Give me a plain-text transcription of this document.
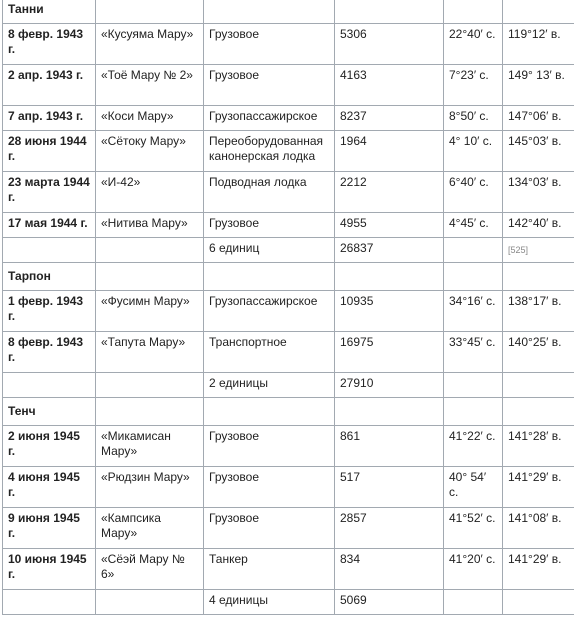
Танни					
8 февр. 1943 г.	«Кусуяма Мару»	Грузовое	5306	22°40′ с.	119°12′ в.
2 апр. 1943 г.	«Тоё Мару № 2»	Грузовое	4163	7°23′ с.	149° 13′ в.
7 апр. 1943 г.	«Коси Мару»	Грузопассажирское	8237	8°50′ с.	147°06′ в.
28 июня 1944 г.	«Сётоку Мару»	Переоборудованная канонерская лодка	1964	4° 10′ с.	145°03′ в.
23 марта 1944 г.	«И-42»	Подводная лодка	2212	6°40′ с.	134°03′ в.
17 мая 1944 г.	«Нитива Мару»	Грузовое	4955	4°45′ с.	142°40′ в.
		6 единиц	26837		[525]
Тарпон					
1 февр. 1943 г.	«Фусимн Мару»	Грузопассажирское	10935	34°16′ с.	138°17′ в.
8 февр. 1943 г.	«Тапута Мару»	Транспортное	16975	33°45′ с.	140°25′ в.
		2 единицы	27910		
Тенч					
2 июня 1945 г.	«Микамисан Мару»	Грузовое	861	41°22′ с.	141°28′ в.
4 июня 1945 г.	«Рюдзин Мару»	Грузовое	517	40° 54′ с.	141°29′ в.
9 июня 1945 г.	«Кампсика Мару»	Грузовое	2857	41°52′ с.	141°08′ в.
10 июня 1945 г.	«Сёэй Мару № 6»	Танкер	834	41°20′ с.	141°29′ в.
		4 единицы	5069		
